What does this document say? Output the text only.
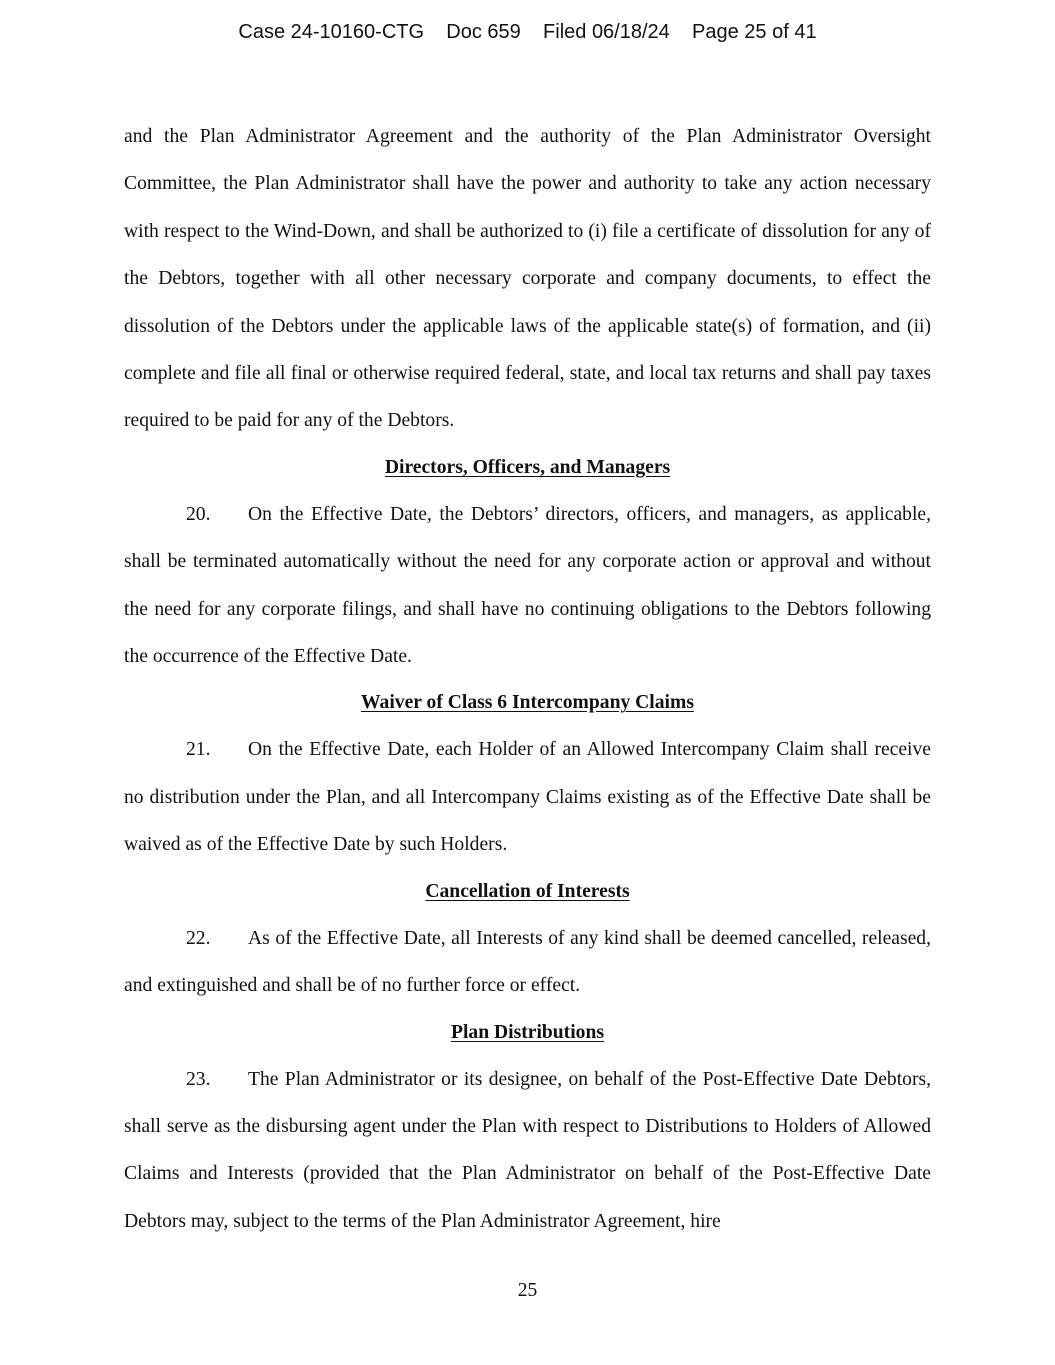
Case 24-10160-CTG Doc 659 Filed 06/18/24 Page 25 of 41

and the Plan Administrator Agreement and the authority of the Plan Administrator Oversight Committee, the Plan Administrator shall have the power and authority to take any action necessary with respect to the Wind-Down, and shall be authorized to (i) file a certificate of dissolution for any of the Debtors, together with all other necessary corporate and company documents, to effect the dissolution of the Debtors under the applicable laws of the applicable state(s) of formation, and (ii) complete and file all final or otherwise required federal, state, and local tax returns and shall pay taxes required to be paid for any of the Debtors.

Directors, Officers, and Managers

20. On the Effective Date, the Debtors’ directors, officers, and managers, as applicable, shall be terminated automatically without the need for any corporate action or approval and without the need for any corporate filings, and shall have no continuing obligations to the Debtors following the occurrence of the Effective Date.

Waiver of Class 6 Intercompany Claims

21. On the Effective Date, each Holder of an Allowed Intercompany Claim shall receive no distribution under the Plan, and all Intercompany Claims existing as of the Effective Date shall be waived as of the Effective Date by such Holders.

Cancellation of Interests

22. As of the Effective Date, all Interests of any kind shall be deemed cancelled, released, and extinguished and shall be of no further force or effect.

Plan Distributions

23. The Plan Administrator or its designee, on behalf of the Post-Effective Date Debtors, shall serve as the disbursing agent under the Plan with respect to Distributions to Holders of Allowed Claims and Interests (provided that the Plan Administrator on behalf of the Post-Effective Date Debtors may, subject to the terms of the Plan Administrator Agreement, hire

25
